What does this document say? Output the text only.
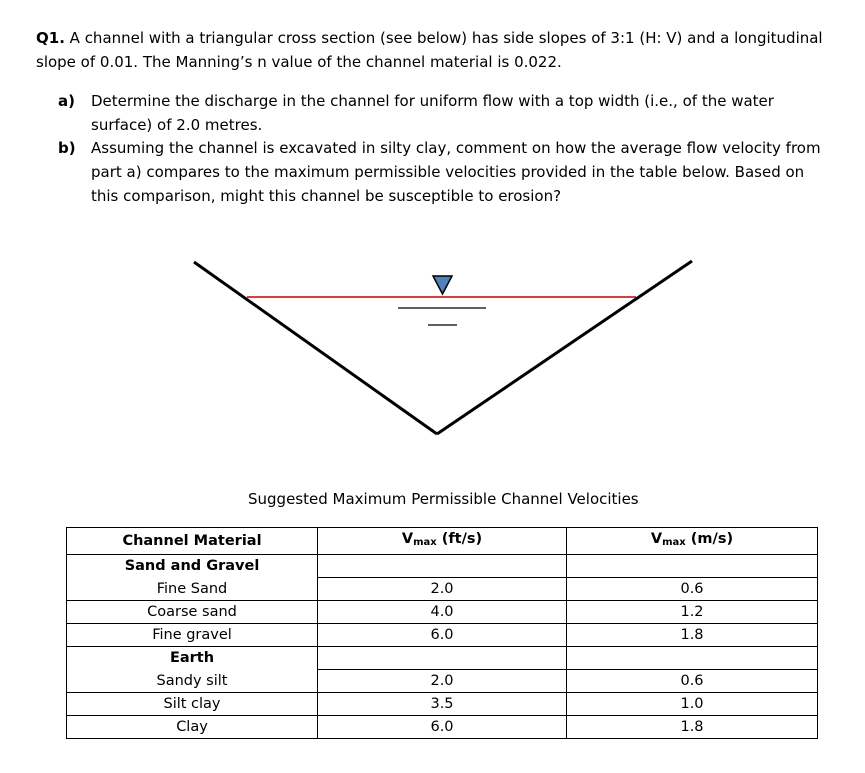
Q1. A channel with a triangular cross section (see below) has side slopes of 3:1 (H: V) and a longitudinal slope of 0.01. The Manning’s n value of the channel material is 0.022.
a) Determine the discharge in the channel for uniform flow with a top width (i.e., of the water surface) of 2.0 metres.
b) Assuming the channel is excavated in silty clay, comment on how the average flow velocity from part a) compares to the maximum permissible velocities provided in the table below. Based on this comparison, might this channel be susceptible to erosion?
Suggested Maximum Permissible Channel Velocities
Channel Material	$V_{max}$ (ft/s)	$V_{max}$ (m/s)
Sand and Gravel		
Fine Sand	2.0	0.6
Coarse sand	4.0	1.2
Fine gravel	6.0	1.8
Earth		
Sandy silt	2.0	0.6
Silt clay	3.5	1.0
Clay	6.0	1.8
